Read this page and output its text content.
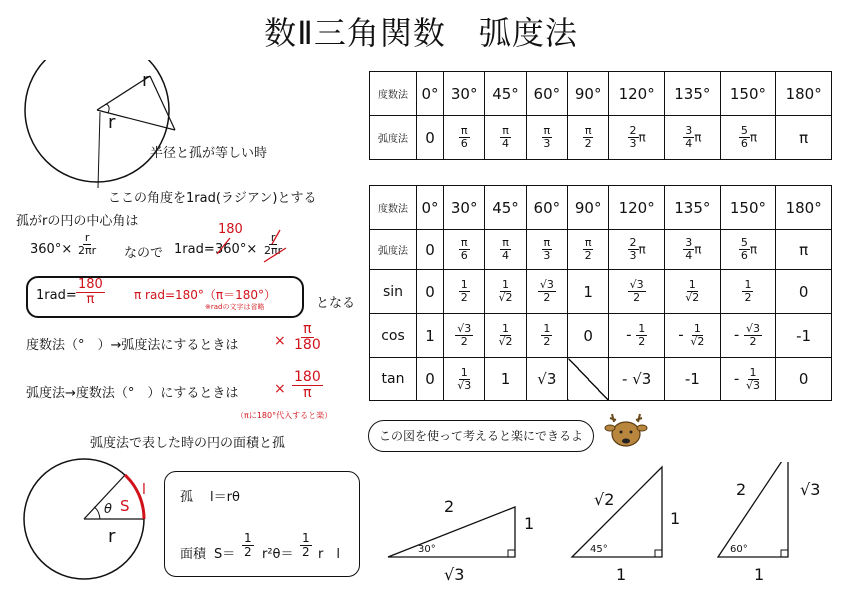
数Ⅱ三角関数　弧度法
r
r
半径と孤が等しい時
ここの角度を1rad(ラジアン)とする
孤がrの円の中心角は
$360^\circ\times \frac{r}{2\pi r}$ なので 1rad=
180
$360^\circ\times \frac{r}{2\pi r}$
$1rad= \frac{180}{\pi}$ π rad=180°（π＝180°）
※radの文字は省略	となる
度数法（°　）→弧度法にするときは	× $\frac{\pi}{180}$
弧度法→度数法（°　）にするときは	× $\frac{180}{\pi}$
（πに180°代入すると楽）
弧度法で表した時の円の面積と孤
θ S
l
r
孤 l＝rθ
面積 $S= \frac{1}{2} r^2\theta= \frac{1}{2}$ r　l
度数法	0°	30°	45°	60°	90°	120°	135°	150°	180°
弧度法	0	$\frac{\pi}{6}$	$\frac{\pi}{4}$	$\frac{\pi}{3}$	$\frac{\pi}{2}$	$\frac{2}{3}$ π	$\frac{3}{4}$ π	$\frac{5}{6}$ π	π
度数法	0°	30°	45°	60°	90°	120°	135°	150°	180°
弧度法	0	$\frac{\pi}{6}$	$\frac{\pi}{4}$	$\frac{\pi}{3}$	$\frac{\pi}{2}$	$\frac{2}{3}$ π	$\frac{3}{4}$ π	$\frac{5}{6}$ π	π
sin	0	$\frac{1}{2}$	$\frac{1}{√2}$	$\frac{√3}{2}$	1	$\frac{√3}{2}$	$\frac{1}{√2}$	$\frac{1}{2}$	0
cos	1	$\frac{√3}{2}$	$\frac{1}{√2}$	$\frac{1}{2}$	0	- $\frac{1}{2}$	- $\frac{1}{√2}$	- $\frac{√3}{2}$	-1
tan	0	$\frac{1}{√3}$	1	√3		- √3	-1	- $\frac{1}{√3}$	0
この図を使って考えると楽にできるよ
2
1
√3
30°
√2
1
1
45°
2	√3
1
60°
